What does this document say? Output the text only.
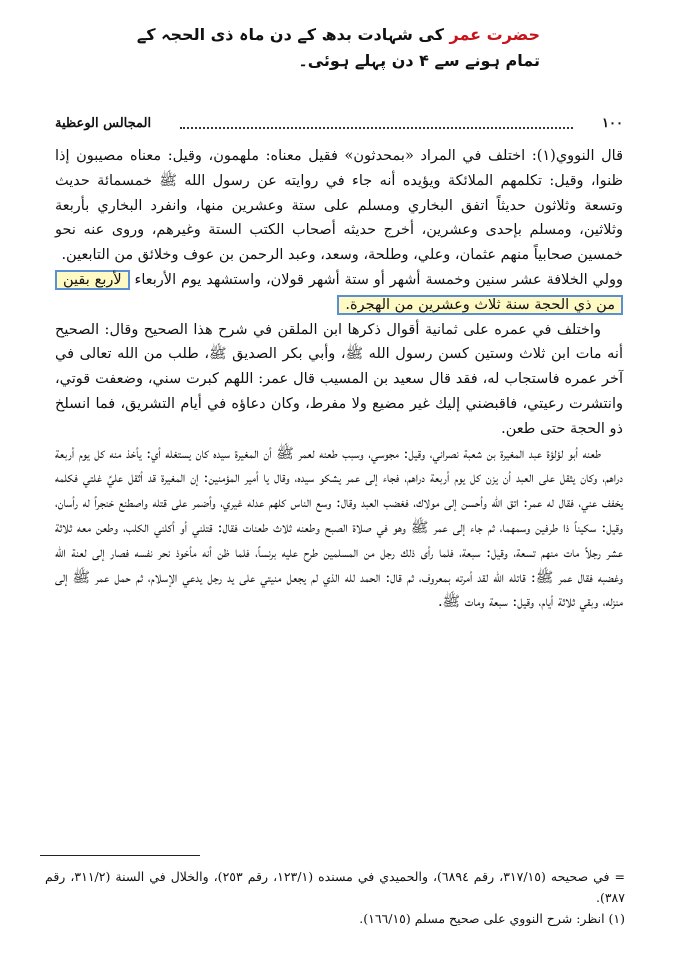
حضرت عمر کی شہادت بدھ کے دن ماہ ذی الحجہ کے تمام ہونے سے ۴ دن پہلے ہوئی۔
١٠٠
المجالس الوعظية

قال النووي(١): اختلف في المراد «بمحدثون» فقيل معناه: ملهمون، وقيل: معناه مصيبون إذا ظنوا، وقيل: تكلمهم الملائكة ويؤيده أنه جاء في روايته عن رسول الله ﷺ خمسمائة حديث وتسعة وثلاثون حديثاً اتفق البخاري ومسلم على ستة وعشرين منها، وانفرد البخاري بأربعة وثلاثين، ومسلم بإحدى وعشرين، أخرج حديثه أصحاب الكتب الستة وغيرهم، وروى عنه نحو خمسين صحابياً منهم عثمان، وعلي، وطلحة، وسعد، وعبد الرحمن بن عوف وخلائق من التابعين.

وولي الخلافة عشر سنين وخمسة أشهر أو ستة أشهر قولان، واستشهد يوم الأربعاء لأربع بقين من ذي الحجة سنة ثلاث وعشرين من الهجرة.

واختلف في عمره على ثمانية أقوال ذكرها ابن الملقن في شرح هذا الصحيح وقال: الصحيح أنه مات ابن ثلاث وستين كسن رسول الله ﷺ، وأبي بكر الصديق ﷺ، طلب من الله تعالى في آخر عمره فاستجاب له، فقد قال سعيد بن المسيب قال عمر: اللهم كبرت سني، وضعفت قوتي، وانتشرت رعيتي، فاقبضني إليك غير مضيع ولا مفرط، وكان دعاؤه في أيام التشريق، فما انسلخ ذو الحجة حتى طعن.

طعنه أبو لؤلؤة عبد المغيرة بن شعبة نصراني، وقيل: مجوسي، وسبب طعنه لعمر ﷺ أن المغيرة سيده كان يستغله أي: يأخذ منه كل يوم أربعة دراهم، وكان يثقل على العبد أن يزن كل يوم أربعة دراهم، فجاء إلى عمر يشكو سيده، وقال يا أمير المؤمنين: إن المغيرة قد أثقل عليَّ غلتي فكلمه يخفف عني، فقال له عمر: اتق الله وأحسن إلى مولاك، فغضب العبد وقال: وسع الناس كلهم عدله غيري، وأضمر على قتله واصطنع خنجراً له رأسان، وقيل: سكيناً ذا طرفين وسمهما، ثم جاء إلى عمر ﷺ وهو في صلاة الصبح وطعنه ثلاث طعنات فقال: قتلني أو أكلني الكلب، وطعن معه ثلاثة عشر رجلاً مات منهم تسعة، وقيل: سبعة، فلما رأى ذلك رجل من المسلمين طرح عليه برنساً، فلما ظن أنه مأخوذ نحر نفسه فصار إلى لعنة الله وغضبه فقال عمر ﷺ: قاتله الله لقد أمرته بمعروف، ثم قال: الحمد لله الذي لم يجعل منيتي على يد رجل يدعي الإسلام، ثم حمل عمر ﷺ إلى منزله، وبقي ثلاثة أيام، وقيل: سبعة ومات ﷺ.

= في صحيحه (٣١٧/١٥، رقم ٦٨٩٤)، والحميدي في مسنده (١٢٣/١، رقم ٢٥٣)، والخلال في السنة (٣١١/٢، رقم ٣٨٧).

(١) انظر: شرح النووي على صحيح مسلم (١٦٦/١٥).
